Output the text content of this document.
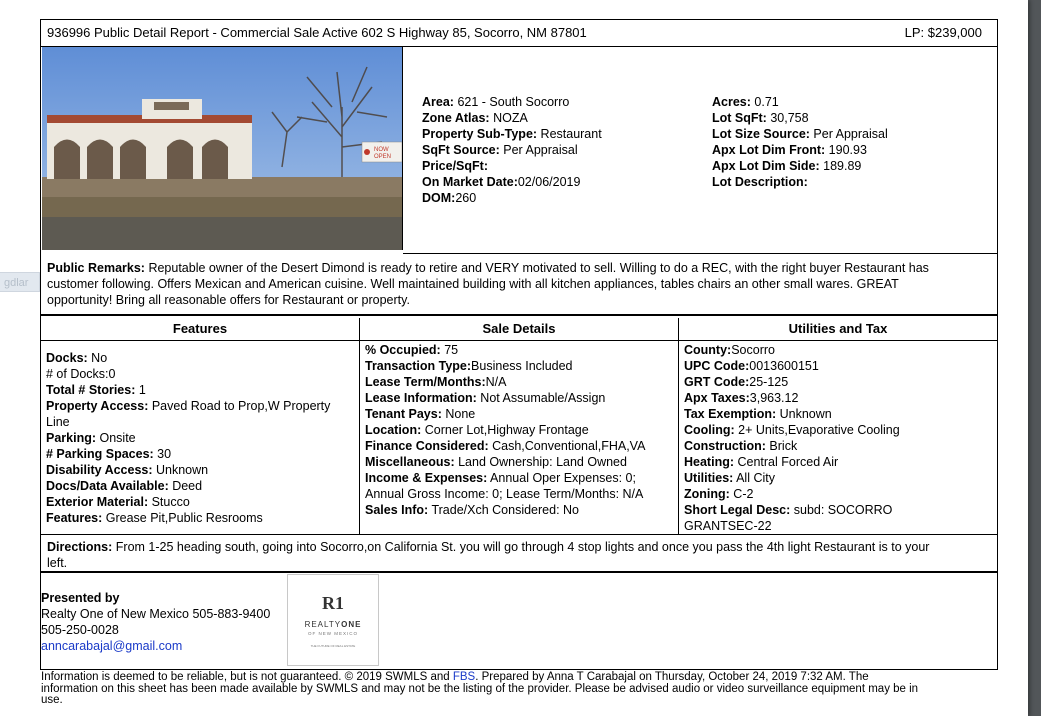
gdlar
936996 Public Detail Report - Commercial Sale Active 602 S Highway 85, Socorro, NM 87801	LP: $239,000
NOW
OPEN
Area: 621 - South Socorro
Zone Atlas: NOZA
Property Sub-Type: Restaurant
SqFt Source: Per Appraisal
Price/SqFt:
On Market Date:02/06/2019
DOM:260
Acres: 0.71
Lot SqFt: 30,758
Lot Size Source: Per Appraisal
Apx Lot Dim Front: 190.93
Apx Lot Dim Side: 189.89
Lot Description:
Public Remarks: Reputable owner of the Desert Dimond is ready to retire and VERY motivated to sell. Willing to do a REC, with the right buyer Restaurant has
customer following. Offers Mexican and American cuisine. Well maintained building with all kitchen appliances, tables chairs an other small wares. GREAT
opportunity! Bring all reasonable offers for Restaurant or property.
Features
Docks: No
# of Docks:0
Total # Stories: 1
Property Access: Paved Road to Prop,W Property
Line
Parking: Onsite
# Parking Spaces: 30
Disability Access: Unknown
Docs/Data Available: Deed
Exterior Material: Stucco
Features: Grease Pit,Public Resrooms
Sale Details
% Occupied: 75
Transaction Type:Business Included
Lease Term/Months:N/A
Lease Information: Not Assumable/Assign
Tenant Pays: None
Location: Corner Lot,Highway Frontage
Finance Considered: Cash,Conventional,FHA,VA
Miscellaneous: Land Ownership: Land Owned
Income & Expenses: Annual Oper Expenses: 0;
Annual Gross Income: 0; Lease Term/Months: N/A
Sales Info: Trade/Xch Considered: No
Utilities and Tax
County:Socorro
UPC Code:0013600151
GRT Code:25-125
Apx Taxes:3,963.12
Tax Exemption: Unknown
Cooling: 2+ Units,Evaporative Cooling
Construction: Brick
Heating: Central Forced Air
Utilities: All City
Zoning: C-2
Short Legal Desc: subd: SOCORRO
GRANTSEC-22
Directions: From 1-25 heading south, going into Socorro,on California St. you will go through 4 stop lights and once you pass the 4th light Restaurant is to your
left.
Presented by
Realty One of New Mexico 505-883-9400
505-250-0028
anncarabajal@gmail.com
R1
REALTYONE
OF NEW MEXICO
THE FUTURE OF REAL ESTATE
Information is deemed to be reliable, but is not guaranteed. © 2019 SWMLS and FBS. Prepared by Anna T Carabajal on Thursday, October 24, 2019 7:32 AM. The
information on this sheet has been made available by SWMLS and may not be the listing of the provider. Please be advised audio or video surveillance equipment may be in
use.
